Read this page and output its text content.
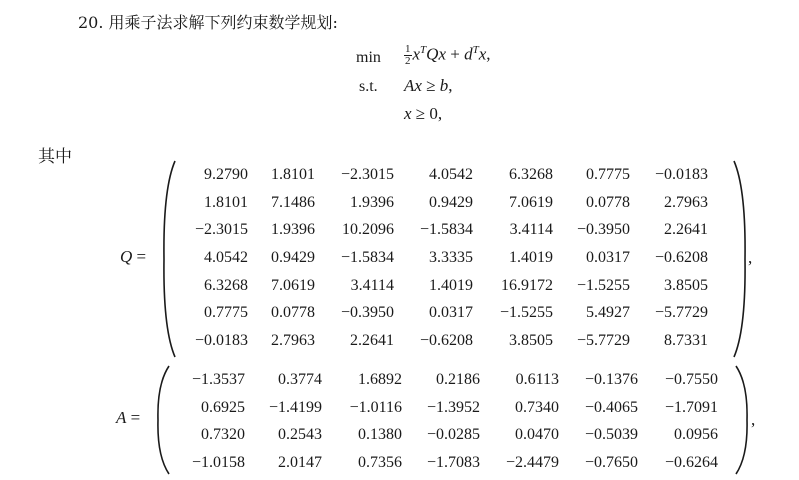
20. 用乘子法求解下列约束数学规划:
$\min \frac{1}{2} x^TQx + d^Tx$,
s.t. Ax ≥ b,
x ≥ 0,
其中
Q =
9.2790	1.8101	−2.3015	4.0542	6.3268	0.7775	−0.0183
1.8101	7.1486	1.9396	0.9429	7.0619	0.0778	2.7963
−2.3015	1.9396	10.2096	−1.5834	3.4114	−0.3950	2.2641
4.0542	0.9429	−1.5834	3.3335	1.4019	0.0317	−0.6208
6.3268	7.0619	3.4114	1.4019	16.9172	−1.5255	3.8505
0.7775	0.0778	−0.3950	0.0317	−1.5255	5.4927	−5.7729
−0.0183	2.7963	2.2641	−0.6208	3.8505	−5.7729	8.7331
,
A =
−1.3537	0.3774	1.6892	0.2186	0.6113	−0.1376	−0.7550
0.6925	−1.4199	−1.0116	−1.3952	0.7340	−0.4065	−1.7091
0.7320	0.2543	0.1380	−0.0285	0.0470	−0.5039	0.0956
−1.0158	2.0147	0.7356	−1.7083	−2.4479	−0.7650	−0.6264
,
